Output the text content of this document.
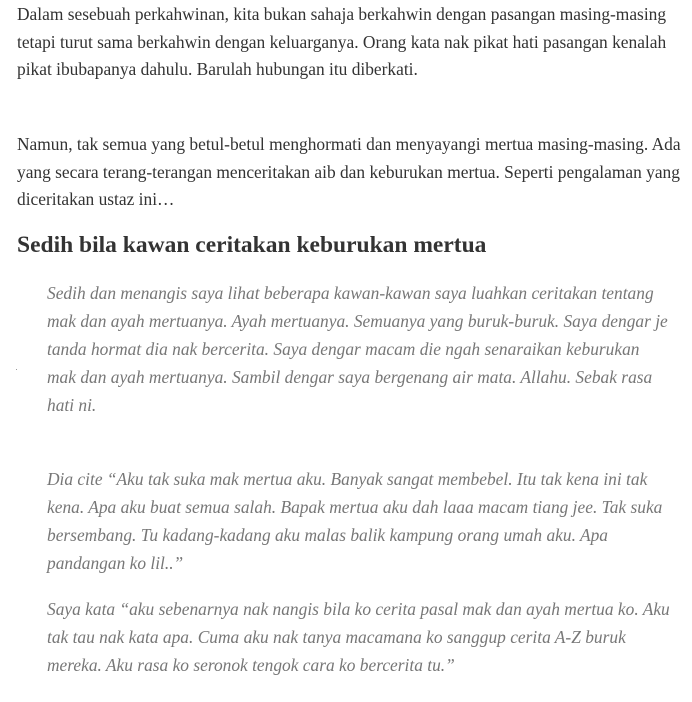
Dalam sesebuah perkahwinan, kita bukan sahaja berkahwin dengan pasangan masing-masing tetapi turut sama berkahwin dengan keluarganya. Orang kata nak pikat hati pasangan kenalah pikat ibubapanya dahulu. Barulah hubungan itu diberkati.

Namun, tak semua yang betul-betul menghormati dan menyayangi mertua masing-masing. Ada yang secara terang-terangan menceritakan aib dan keburukan mertua. Seperti pengalaman yang diceritakan ustaz ini…

Sedih bila kawan ceritakan keburukan mertua

Sedih dan menangis saya lihat beberapa kawan-kawan saya luahkan ceritakan tentang mak dan ayah mertuanya. Ayah mertuanya. Semuanya yang buruk-buruk. Saya dengar je tanda hormat dia nak bercerita. Saya dengar macam die ngah senaraikan keburukan mak dan ayah mertuanya. Sambil dengar saya bergenang air mata. Allahu. Sebak rasa hati ni.

Dia cite “Aku tak suka mak mertua aku. Banyak sangat membebel. Itu tak kena ini tak kena. Apa aku buat semua salah. Bapak mertua aku dah laaa macam tiang jee. Tak suka bersembang. Tu kadang-kadang aku malas balik kampung orang umah aku. Apa pandangan ko lil..”

Saya kata “aku sebenarnya nak nangis bila ko cerita pasal mak dan ayah mertua ko. Aku tak tau nak kata apa. Cuma aku nak tanya macamana ko sanggup cerita A-Z buruk mereka. Aku rasa ko seronok tengok cara ko bercerita tu.”
